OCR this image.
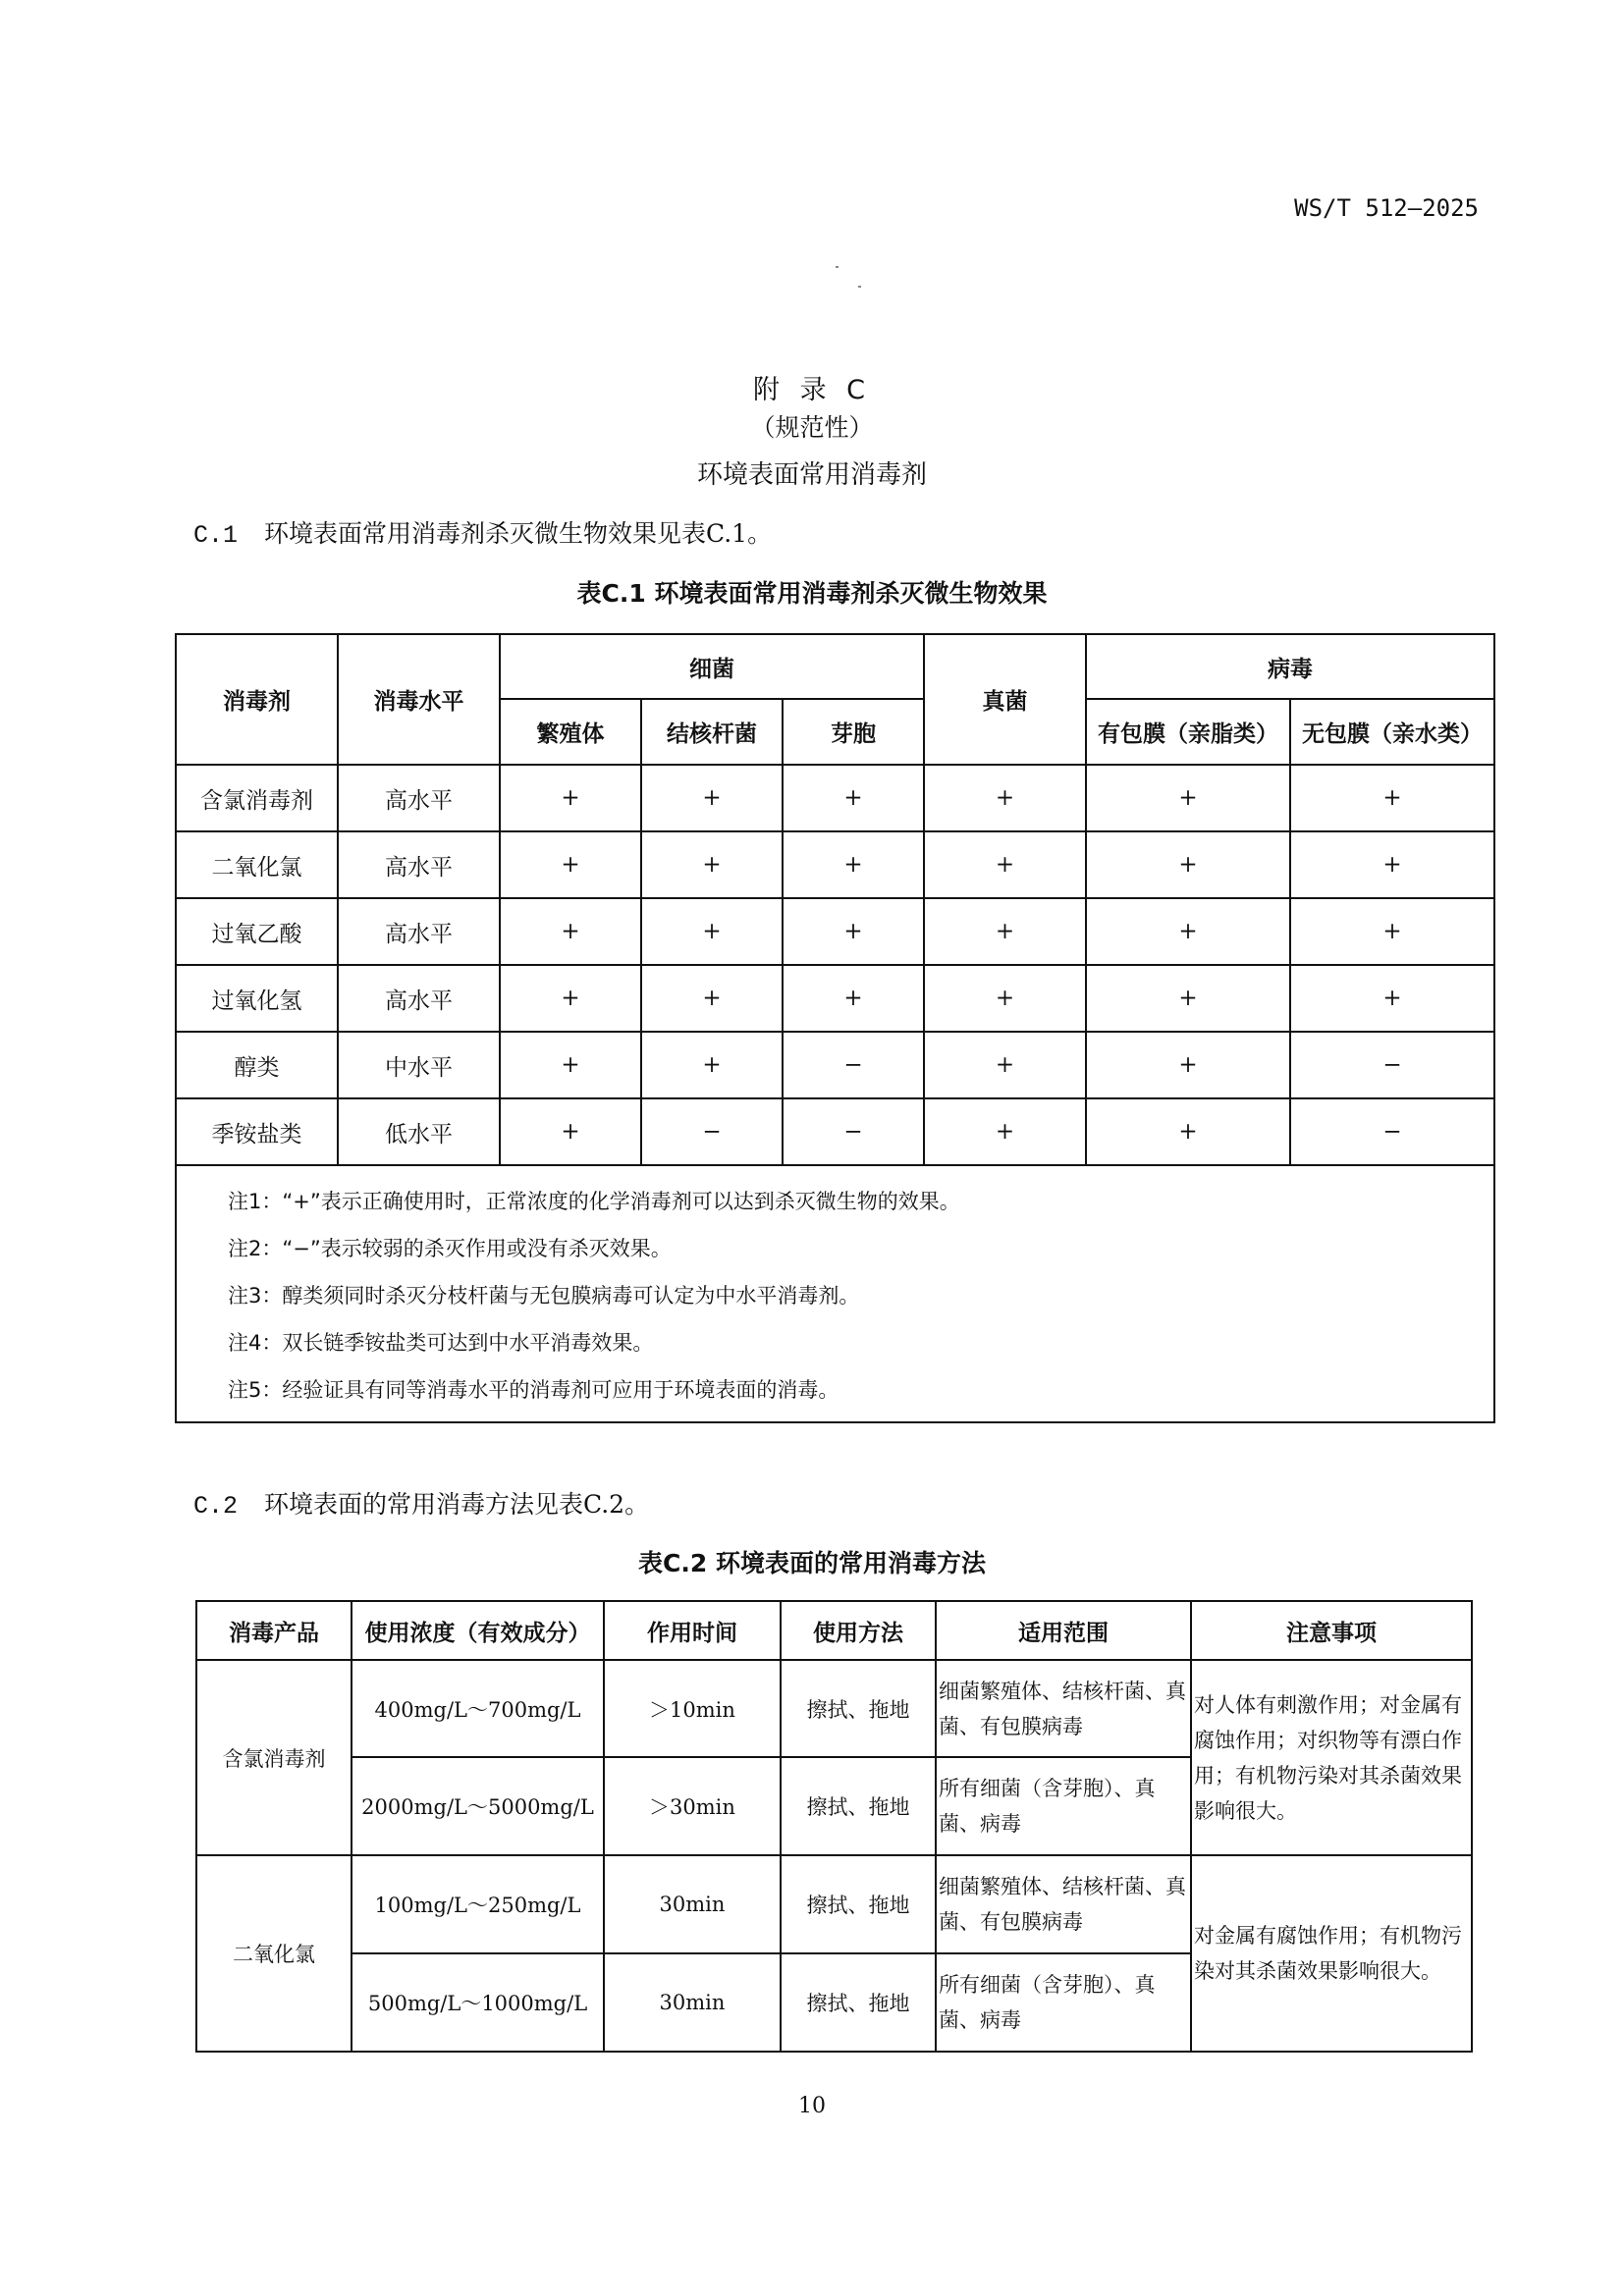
WS/T 512—2025
附 录 C
（规范性）
环境表面常用消毒剂
C.1 环境表面常用消毒剂杀灭微生物效果见表C.1。
表C.1 环境表面常用消毒剂杀灭微生物效果
消毒剂	消毒水平	细菌			真菌	病毒	
		繁殖体	结核杆菌	芽胞		有包膜（亲脂类）	无包膜（亲水类）
含氯消毒剂	高水平	+	+	+	+	+	+
二氧化氯	高水平	+	+	+	+	+	+
过氧乙酸	高水平	+	+	+	+	+	+
过氧化氢	高水平	+	+	+	+	+	+
醇类	中水平	+	+	−	+	+	−
季铵盐类	低水平	+	−	−	+	+	−

注1：“+”表示正确使用时，正常浓度的化学消毒剂可以达到杀灭微生物的效果。
注2：“−”表示较弱的杀灭作用或没有杀灭效果。
注3：醇类须同时杀灭分枝杆菌与无包膜病毒可认定为中水平消毒剂。
注4：双长链季铵盐类可达到中水平消毒效果。
注5：经验证具有同等消毒水平的消毒剂可应用于环境表面的消毒。							
C.2 环境表面的常用消毒方法见表C.2。
表C.2 环境表面的常用消毒方法
消毒产品	使用浓度（有效成分）	作用时间	使用方法	适用范围	注意事项
含氯消毒剂	400mg/L～700mg/L	＞10min	擦拭、拖地	细菌繁殖体、结核杆菌、真菌、有包膜病毒	对人体有刺激作用；对金属有腐蚀作用；对织物等有漂白作用；有机物污染对其杀菌效果影响很大。
	2000mg/L～5000mg/L	＞30min	擦拭、拖地	所有细菌（含芽胞）、真菌、病毒	
二氧化氯	100mg/L～250mg/L	30min	擦拭、拖地	细菌繁殖体、结核杆菌、真菌、有包膜病毒	对金属有腐蚀作用；有机物污染对其杀菌效果影响很大。
	500mg/L～1000mg/L	30min	擦拭、拖地	所有细菌（含芽胞）、真菌、病毒	
10
